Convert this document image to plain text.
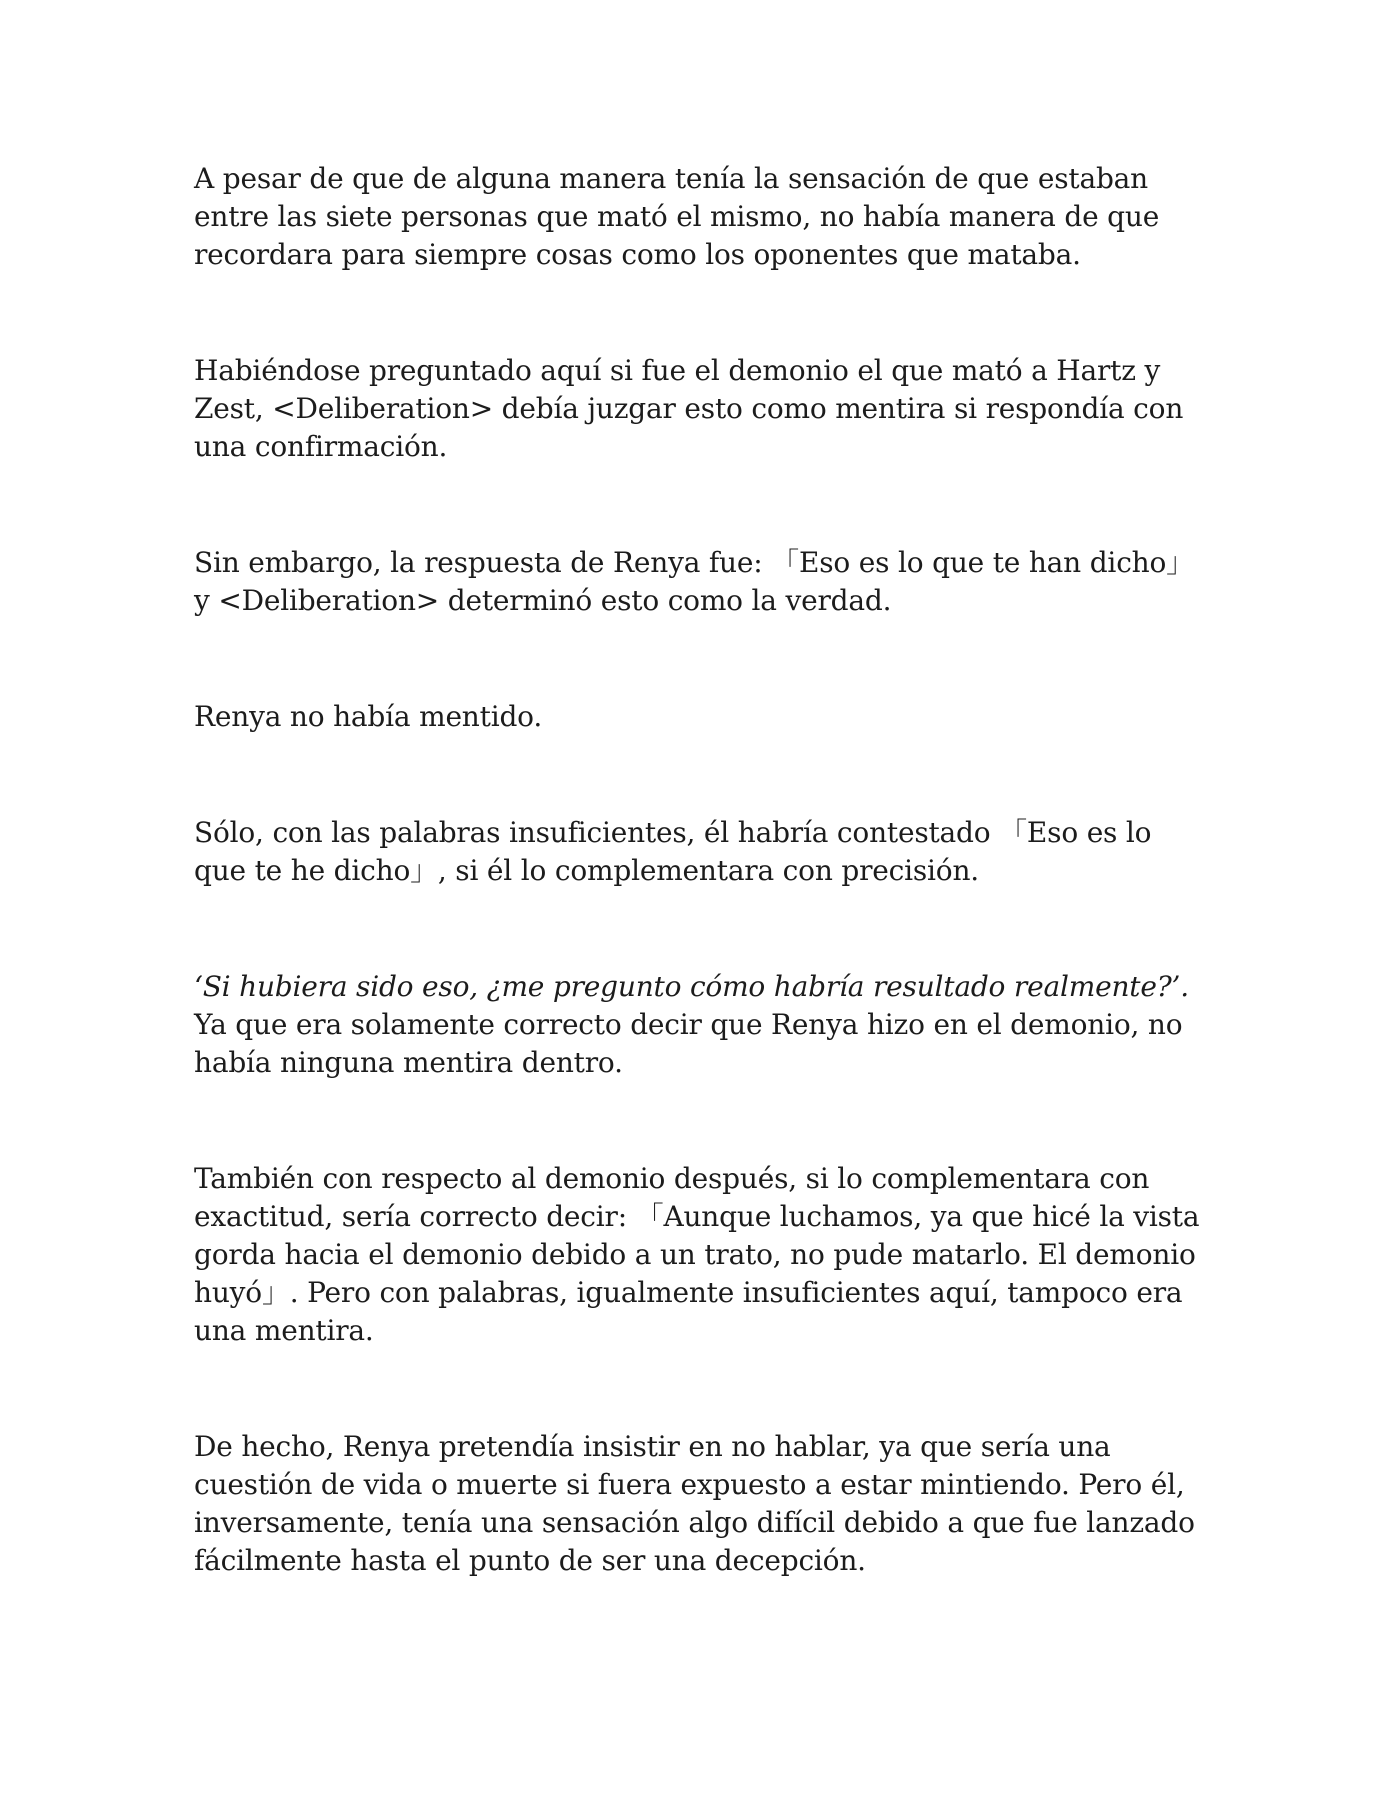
A pesar de que de alguna manera tenía la sensación de que estaban
entre las siete personas que mató el mismo, no había manera de que
recordara para siempre cosas como los oponentes que mataba.

Habiéndose preguntado aquí si fue el demonio el que mató a Hartz y
Zest, <Deliberation> debía juzgar esto como mentira si respondía con
una confirmación.

Sin embargo, la respuesta de Renya fue: 「Eso es lo que te han dicho」
y <Deliberation> determinó esto como la verdad.

Renya no había mentido.

Sólo, con las palabras insuficientes, él habría contestado 「Eso es lo
que te he dicho」, si él lo complementara con precisión.

‘Si hubiera sido eso, ¿me pregunto cómo habría resultado realmente?’.
Ya que era solamente correcto decir que Renya hizo en el demonio, no
había ninguna mentira dentro.

También con respecto al demonio después, si lo complementara con
exactitud, sería correcto decir: 「Aunque luchamos, ya que hicé la vista
gorda hacia el demonio debido a un trato, no pude matarlo. El demonio
huyó」. Pero con palabras, igualmente insuficientes aquí, tampoco era
una mentira.

De hecho, Renya pretendía insistir en no hablar, ya que sería una
cuestión de vida o muerte si fuera expuesto a estar mintiendo. Pero él,
inversamente, tenía una sensación algo difícil debido a que fue lanzado
fácilmente hasta el punto de ser una decepción.
